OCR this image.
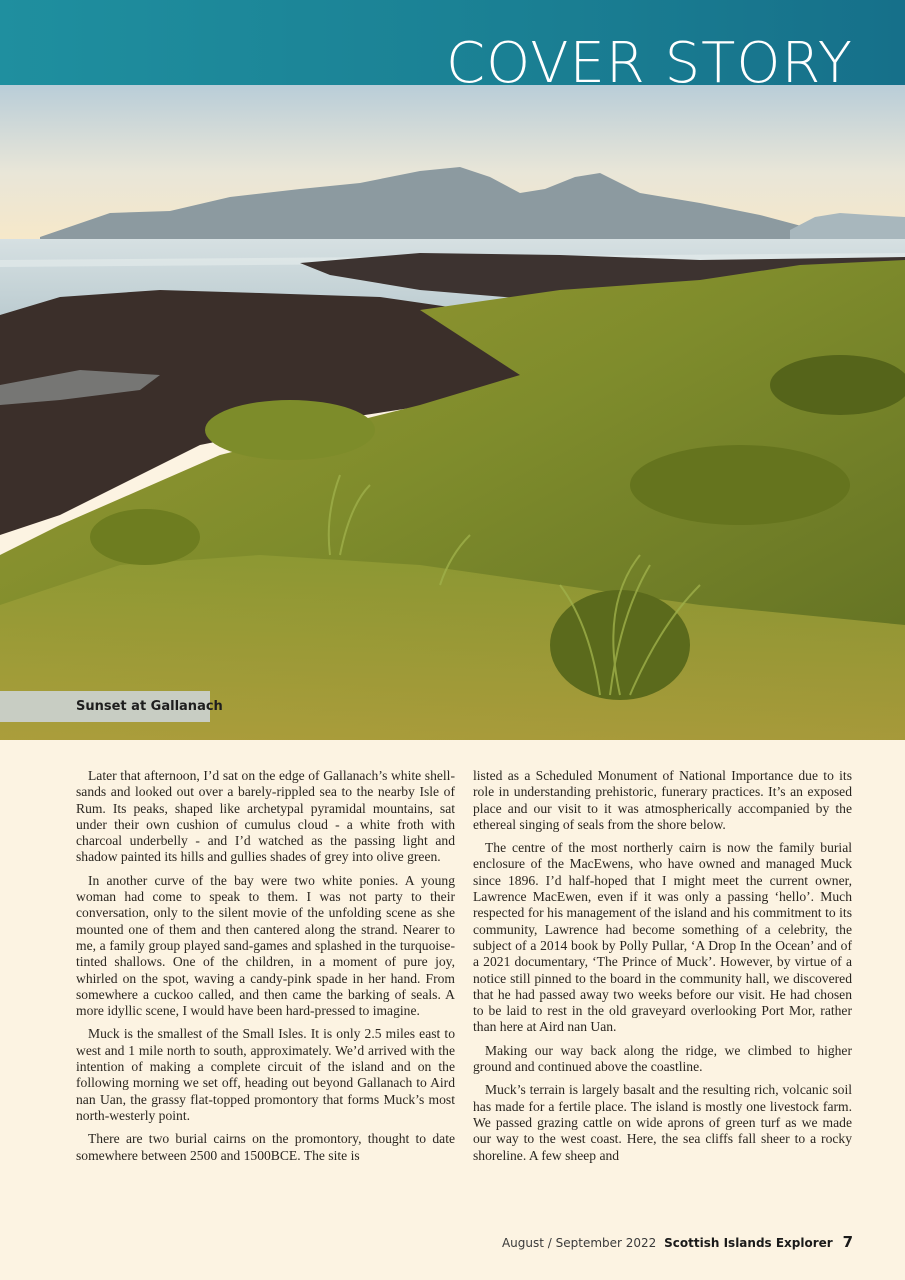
COVER STORY
Sunset at Gallanach

Later that afternoon, I’d sat on the edge of Gallanach’s white shell-sands and looked out over a barely-rippled sea to the nearby Isle of Rum. Its peaks, shaped like archetypal pyramidal mountains, sat under their own cushion of cumulus cloud - a white froth with charcoal underbelly - and I’d watched as the passing light and shadow painted its hills and gullies shades of grey into olive green.

In another curve of the bay were two white ponies. A young woman had come to speak to them. I was not party to their conversation, only to the silent movie of the unfolding scene as she mounted one of them and then cantered along the strand. Nearer to me, a family group played sand-games and splashed in the turquoise-tinted shallows. One of the children, in a moment of pure joy, whirled on the spot, waving a candy-pink spade in her hand. From somewhere a cuckoo called, and then came the barking of seals. A more idyllic scene, I would have been hard-pressed to imagine.

Muck is the smallest of the Small Isles. It is only 2.5 miles east to west and 1 mile north to south, approximately. We’d arrived with the intention of making a complete circuit of the island and on the following morning we set off, heading out beyond Gallanach to Aird nan Uan, the grassy flat-topped promontory that forms Muck’s most north-westerly point.

There are two burial cairns on the promontory, thought to date somewhere between 2500 and 1500BCE. The site is

listed as a Scheduled Monument of National Importance due to its role in understanding prehistoric, funerary practices. It’s an exposed place and our visit to it was atmospherically accompanied by the ethereal singing of seals from the shore below.

The centre of the most northerly cairn is now the family burial enclosure of the MacEwens, who have owned and managed Muck since 1896. I’d half-hoped that I might meet the current owner, Lawrence MacEwen, even if it was only a passing ‘hello’. Much respected for his management of the island and his commitment to its community, Lawrence had become something of a celebrity, the subject of a 2014 book by Polly Pullar, ‘A Drop In the Ocean’ and of a 2021 documentary, ‘The Prince of Muck’. However, by virtue of a notice still pinned to the board in the community hall, we discovered that he had passed away two weeks before our visit. He had chosen to be laid to rest in the old graveyard overlooking Port Mor, rather than here at Aird nan Uan.

Making our way back along the ridge, we climbed to higher ground and continued above the coastline.

Muck’s terrain is largely basalt and the resulting rich, volcanic soil has made for a fertile place. The island is mostly one livestock farm. We passed grazing cattle on wide aprons of green turf as we made our way to the west coast. Here, the sea cliffs fall sheer to a rocky shoreline. A few sheep and

August / September 2022 Scottish Islands Explorer 7
